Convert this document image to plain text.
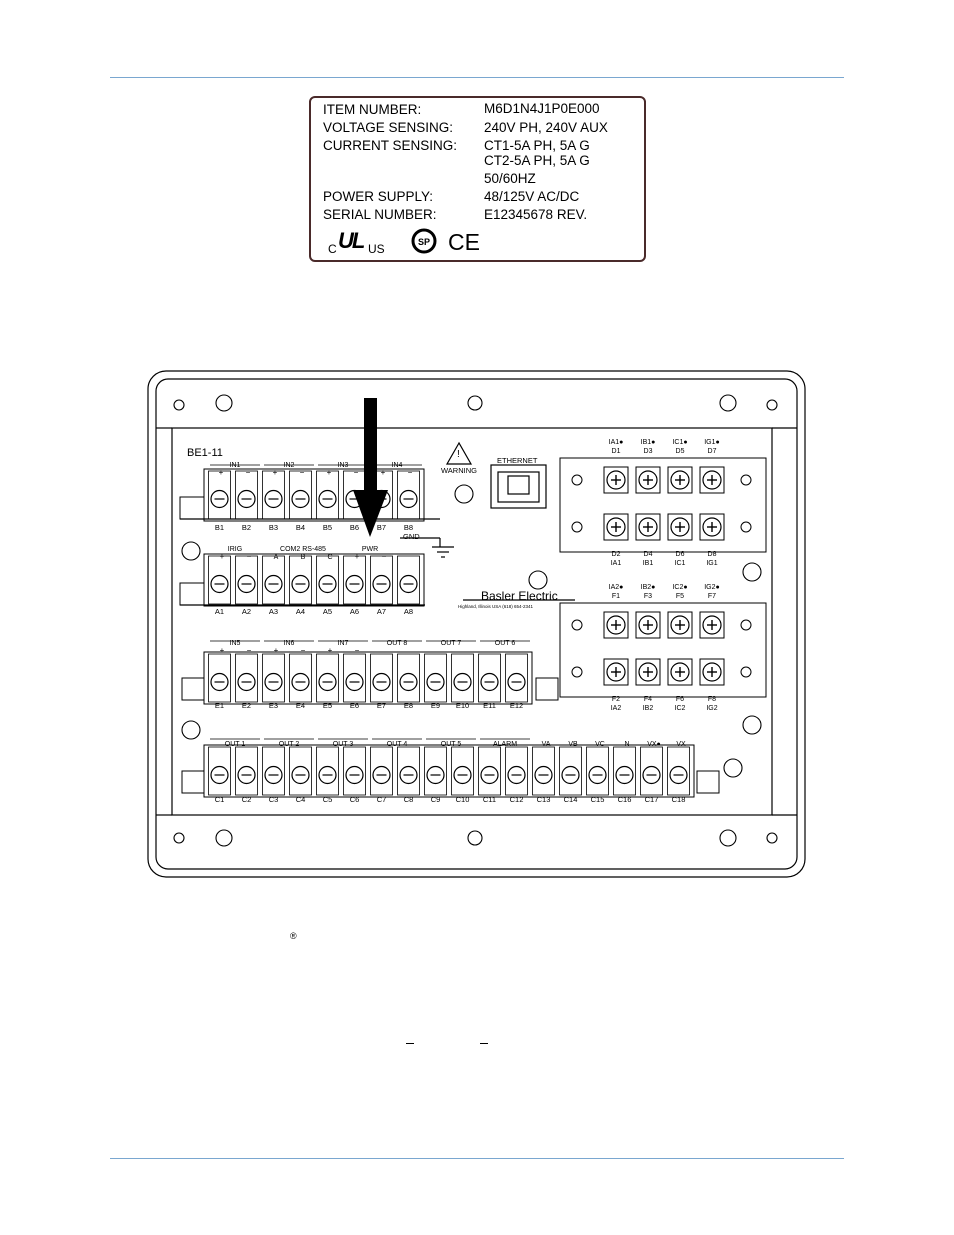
ITEM NUMBER:	M6D1N4J1P0E000
VOLTAGE SENSING: 240V PH, 240V AUX
CURRENT SENSING: CT1-5A PH, 5A G
CT2-5A PH, 5A G
50/60HZ
POWER SUPPLY:	48/125V AC/DC
SERIAL NUMBER:	E12345678 REV.
C UL US	SP CE
B1 B2 B3 B4 B5 B6 B7 B8
IN1
+	−
IN2
+	−
IN3
+	−
IN4
+	−
A1 A2 A3 A4 A5 A6 A7 A8
IRIG	COM2 RS-485	PWR
A	B	C
+	−	+	−
E1 E2 E3 E4 E5 E6 E7 E8 E9 E10 E11 E12
IN5	IN6	IN7	OUT 8	OUT 7	OUT 6
+	−	+	−	+	−
C1 C2 C3 C4 C5 C6 C7 C8 C9 C10 C11 C12 C13 C14 C15 C16 C17 C18
OUT 1	OUT 2	OUT 3	OUT 4	OUT 5	ALARM	VA	VB VC	N	VX● VX
IA1●
D1
D2
IA1
IB1●
D3
D4
IB1
IC1●
D5
D6
IC1
IG1●
D7
D8
IG1
IA2●
F1
F2
IA2
IB2●
F3
F4
IB2
IC2●
F5
F6
IC2
IG2●
F7
F8
IG2
BE1-11	!
WARNING
ETHERNET
GND
Basler Electric
Highland, Illinois USA (618) 654-2341
®
